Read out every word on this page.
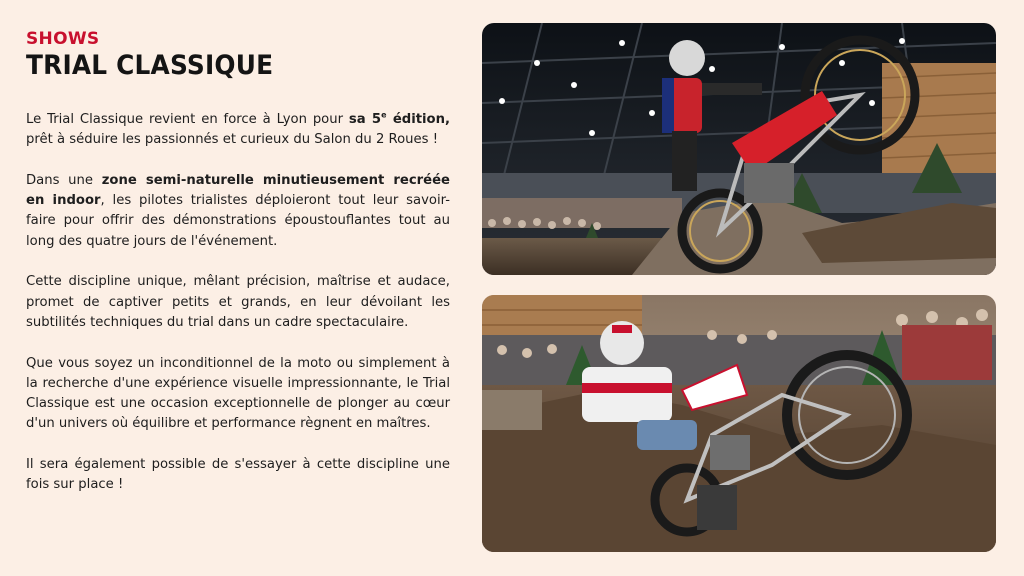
SHOWS
TRIAL CLASSIQUE

Le Trial Classique revient en force à Lyon pour sa 5e édition, prêt à séduire les passionnés et curieux du Salon du 2 Roues !

Dans une zone semi-naturelle minutieusement recréée en indoor, les pilotes trialistes déploieront tout leur savoir-faire pour offrir des démonstrations époustouflantes tout au long des quatre jours de l'événement.

Cette discipline unique, mêlant précision, maîtrise et audace, promet de captiver petits et grands, en leur dévoilant les subtilités techniques du trial dans un cadre spectaculaire.

Que vous soyez un inconditionnel de la moto ou simplement à la recherche d'une expérience visuelle impressionnante, le Trial Classique est une occasion exceptionnelle de plonger au cœur d'un univers où équilibre et performance règnent en maîtres.

Il sera également possible de s'essayer à cette discipline une fois sur place !
